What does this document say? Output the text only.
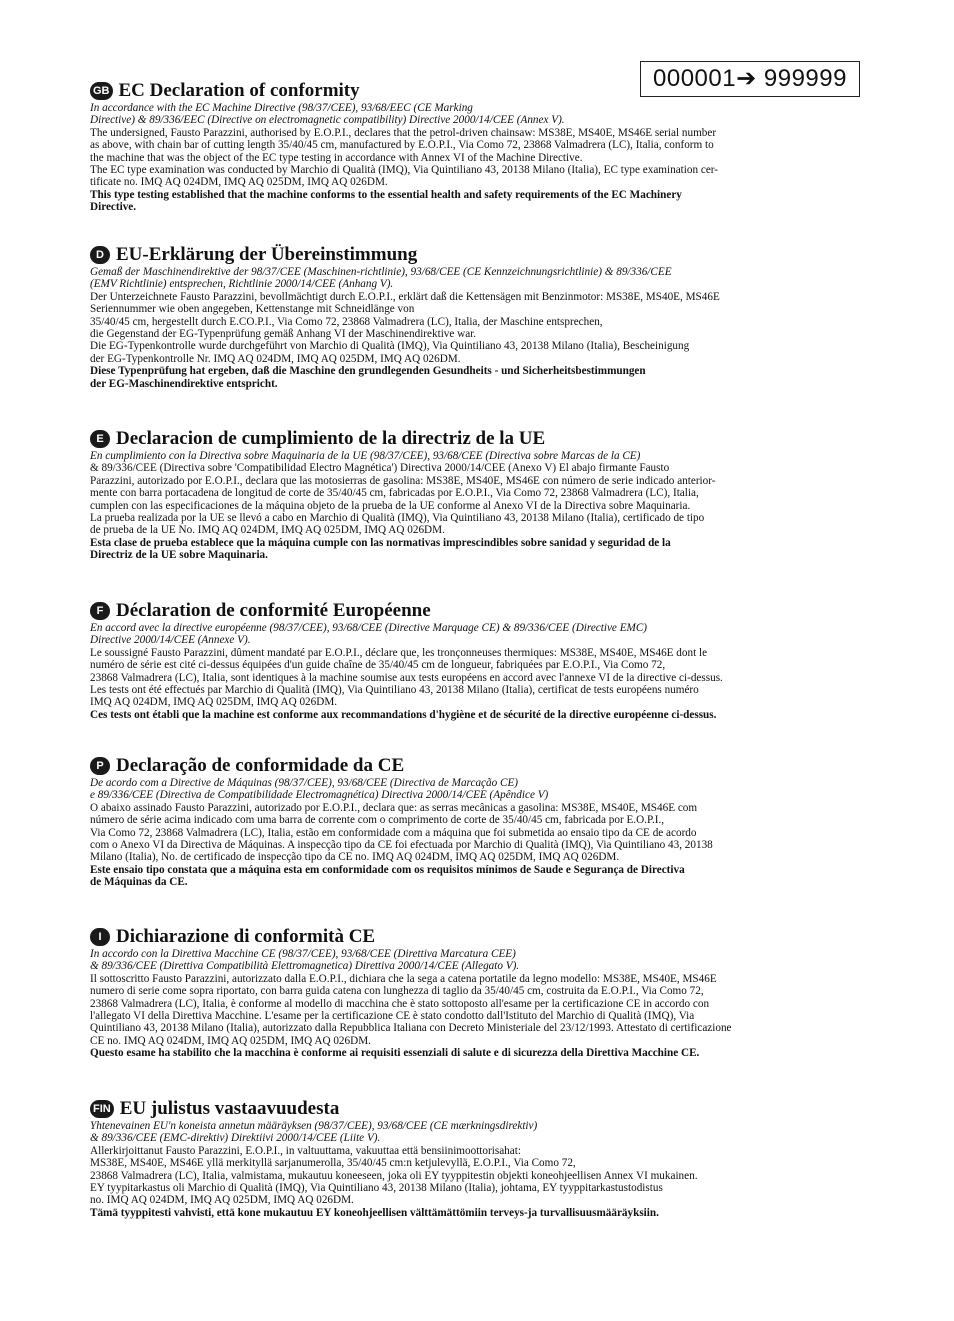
000001➔ 999999
GB EC Declaration of conformity
In accordance with the EC Machine Directive (98/37/CEE), 93/68/EEC (CE Marking
Directive) & 89/336/EEC (Directive on electromagnetic compatibility) Directive 2000/14/CEE (Annex V).
The undersigned, Fausto Parazzini, authorised by E.O.P.I., declares that the petrol-driven chainsaw: MS38E, MS40E, MS46E serial number
as above, with chain bar of cutting length 35/40/45 cm, manufactured by E.O.P.I., Via Como 72, 23868 Valmadrera (LC), Italia, conform to
the machine that was the object of the EC type testing in accordance with Annex VI of the Machine Directive.
The EC type examination was conducted by Marchio di Qualità (IMQ), Via Quintiliano 43, 20138 Milano (Italia), EC type examination cer-
tificate no. IMQ AQ 024DM, IMQ AQ 025DM, IMQ AQ 026DM.
This type testing established that the machine conforms to the essential health and safety requirements of the EC Machinery
Directive.
D EU-Erklärung der Übereinstimmung
Gemaß der Maschinendirektive der 98/37/CEE (Maschinen-richtlinie), 93/68/CEE (CE Kennzeichnungsrichtlinie) & 89/336/CEE
(EMV Richtlinie) entsprechen, Richtlinie 2000/14/CEE (Anhang V).
Der Unterzeichnete Fausto Parazzini, bevollmächtigt durch E.O.P.I., erklärt daß die Kettensägen mit Benzinmotor: MS38E, MS40E, MS46E
Seriennummer wie oben angegeben, Kettenstange mit Schneidlänge von
35/40/45 cm, hergestellt durch E.CO.P.I., Via Como 72, 23868 Valmadrera (LC), Italia, der Maschine entsprechen,
die Gegenstand der EG-Typenprüfung gemäß Anhang VI der Maschinendirektive war.
Die EG-Typenkontrolle wurde durchgeführt von Marchio di Qualità (IMQ), Via Quintiliano 43, 20138 Milano (Italia), Bescheinigung
der EG-Typenkontrolle Nr. IMQ AQ 024DM, IMQ AQ 025DM, IMQ AQ 026DM.
Diese Typenprüfung hat ergeben, daß die Maschine den grundlegenden Gesundheits - und Sicherheitsbestimmungen
der EG-Maschinendirektive entspricht.
E Declaracion de cumplimiento de la directriz de la UE
En cumplimiento con la Directiva sobre Maquinaria de la UE (98/37/CEE), 93/68/CEE (Directiva sobre Marcas de la CE)
& 89/336/CEE (Directiva sobre 'Compatibilidad Electro Magnética') Directiva 2000/14/CEE (Anexo V) El abajo firmante Fausto
Parazzini, autorizado por E.O.P.I., declara que las motosierras de gasolina: MS38E, MS40E, MS46E con número de serie indicado anterior-
mente con barra portacadena de longitud de corte de 35/40/45 cm, fabricadas por E.O.P.I., Via Como 72, 23868 Valmadrera (LC), Italia,
cumplen con las especificaciones de la máquina objeto de la prueba de la UE conforme al Anexo VI de la Directiva sobre Maquinaria.
La prueba realizada por la UE se llevó a cabo en Marchio di Qualità (IMQ), Via Quintiliano 43, 20138 Milano (Italia), certificado de tipo
de prueba de la UE No. IMQ AQ 024DM, IMQ AQ 025DM, IMQ AQ 026DM.
Esta clase de prueba establece que la máquina cumple con las normativas imprescindibles sobre sanidad y seguridad de la
Directriz de la UE sobre Maquinaria.
F Déclaration de conformité Européenne
En accord avec la directive européenne (98/37/CEE), 93/68/CEE (Directive Marquage CE) & 89/336/CEE (Directive EMC)
Directive 2000/14/CEE (Annexe V).
Le soussigné Fausto Parazzini, dûment mandaté par E.O.P.I., déclare que, les tronçonneuses thermiques: MS38E, MS40E, MS46E dont le
numéro de série est cité ci-dessus équipées d'un guide chaîne de 35/40/45 cm de longueur, fabriquées par E.O.P.I., Via Como 72,
23868 Valmadrera (LC), Italia, sont identiques à la machine soumise aux tests européens en accord avec l'annexe VI de la directive ci-dessus.
Les tests ont été effectués par Marchio di Qualità (IMQ), Via Quintiliano 43, 20138 Milano (Italia), certificat de tests européens numéro
IMQ AQ 024DM, IMQ AQ 025DM, IMQ AQ 026DM.
Ces tests ont établi que la machine est conforme aux recommandations d'hygiène et de sécurité de la directive européenne ci-dessus.
P Declaração de conformidade da CE
De acordo com a Directive de Máquinas (98/37/CEE), 93/68/CEE (Directiva de Marcação CE)
e 89/336/CEE (Directiva de Compatibilidade Electromagnética) Directiva 2000/14/CEE (Apêndice V)
O abaixo assinado Fausto Parazzini, autorizado por E.O.P.I., declara que: as serras mecânicas a gasolina: MS38E, MS40E, MS46E com
número de série acima indicado com uma barra de corrente com o comprimento de corte de 35/40/45 cm, fabricada por E.O.P.I.,
Via Como 72, 23868 Valmadrera (LC), Italia, estão em conformidade com a máquina que foi submetida ao ensaio tipo da CE de acordo
com o Anexo VI da Directiva de Máquinas. A inspecção tipo da CE foi efectuada por Marchio di Qualità (IMQ), Via Quintiliano 43, 20138
Milano (Italia), No. de certificado de inspecção tipo da CE no. IMQ AQ 024DM, IMQ AQ 025DM, IMQ AQ 026DM.
Este ensaio tipo constata que a máquina esta em conformidade com os requisitos mínimos de Saude e Segurança de Directiva
de Máquinas da CE.
I Dichiarazione di conformità CE
In accordo con la Direttiva Macchine CE (98/37/CEE), 93/68/CEE (Direttiva Marcatura CEE)
& 89/336/CEE (Direttiva Compatibilità Elettromagnetica) Direttiva 2000/14/CEE (Allegato V).
Il sottoscritto Fausto Parazzini, autorizzato dalla E.O.P.I., dichiara che la sega a catena portatile da legno modello: MS38E, MS40E, MS46E
numero di serie come sopra riportato, con barra guida catena con lunghezza di taglio da 35/40/45 cm, costruita da E.O.P.I., Via Como 72,
23868 Valmadrera (LC), Italia, è conforme al modello di macchina che è stato sottoposto all'esame per la certificazione CE in accordo con
l'allegato VI della Direttiva Macchine. L'esame per la certificazione CE è stato condotto dall'Istituto del Marchio di Qualità (IMQ), Via
Quintiliano 43, 20138 Milano (Italia), autorizzato dalla Repubblica Italiana con Decreto Ministeriale del 23/12/1993. Attestato di certificazione
CE no. IMQ AQ 024DM, IMQ AQ 025DM, IMQ AQ 026DM.
Questo esame ha stabilito che la macchina è conforme ai requisiti essenziali di salute e di sicurezza della Direttiva Macchine CE.
FIN EU julistus vastaavuudesta
Yhtenevainen EU'n koneista annetun määräyksen (98/37/CEE), 93/68/CEE (CE mærkningsdirektiv)
& 89/336/CEE (EMC-direktiv) Direktiivi 2000/14/CEE (Liite V).
Allerkirjoittanut Fausto Parazzini, E.O.P.I., in valtuuttama, vakuuttaa että bensiinimoottorisahat:
MS38E, MS40E, MS46E yllä merkityllä sarjanumerolla, 35/40/45 cm:n ketjulevyllä, E.O.P.I., Via Como 72,
23868 Valmadrera (LC), Italia, valmistama, mukautuu koneeseen, joka oli EY tyyppitestin objekti koneohjeellisen Annex VI mukainen.
EY tyypitarkastus oli Marchio di Qualità (IMQ), Via Quintiliano 43, 20138 Milano (Italia), johtama, EY tyyppitarkastustodistus
no. IMQ AQ 024DM, IMQ AQ 025DM, IMQ AQ 026DM.
Tämä tyyppitesti vahvisti, että kone mukautuu EY koneohjeellisen välttämättömiin terveys-ja turvallisuusmääräyksiin.
